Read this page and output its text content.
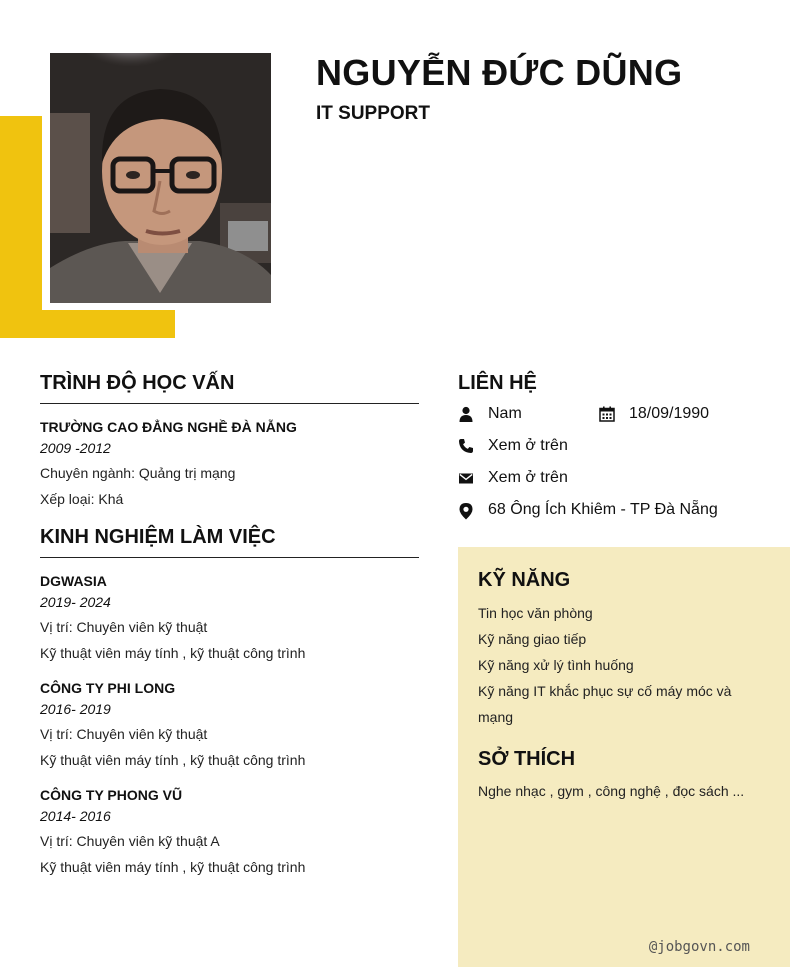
NGUYỄN ĐỨC DŨNG
IT SUPPORT
TRÌNH ĐỘ HỌC VẤN
TRƯỜNG CAO ĐẲNG NGHỀ ĐÀ NẴNG
2009 -2012
Chuyên ngành: Quảng trị mạng
Xếp loại: Khá
KINH NGHIỆM LÀM VIỆC
DGWASIA
2019- 2024
Vị trí: Chuyên viên kỹ thuật
Kỹ thuật viên máy tính , kỹ thuật công trình
CÔNG TY PHI LONG
2016- 2019
Vị trí: Chuyên viên kỹ thuật
Kỹ thuật viên máy tính , kỹ thuật công trình
CÔNG TY PHONG VŨ
2014- 2016
Vị trí: Chuyên viên kỹ thuật A
Kỹ thuật viên máy tính , kỹ thuật công trình
LIÊN HỆ
Nam	18/09/1990
Xem ở trên
Xem ở trên
68 Ông Ích Khiêm - TP Đà Nẵng
KỸ NĂNG
Tin học văn phòng
Kỹ năng giao tiếp
Kỹ năng xử lý tình huống
Kỹ năng IT khắc phục sự cố máy móc và mạng
SỞ THÍCH
Nghe nhạc , gym , công nghệ , đọc sách ...
@jobgovn.com
